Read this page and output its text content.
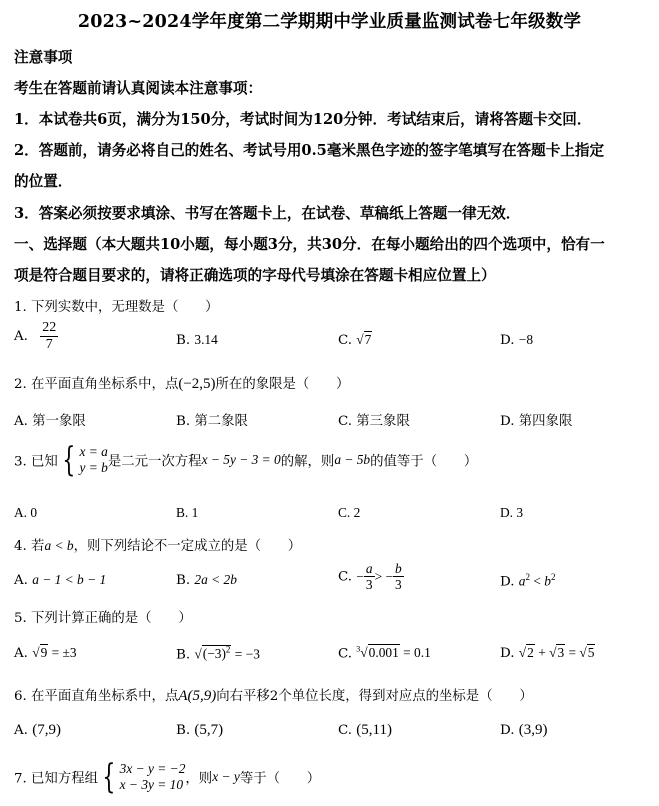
2023~2024学年度第二学期期中学业质量监测试卷七年级数学
注意事项
考生在答题前请认真阅读本注意事项：
1．本试卷共6页，满分为150分，考试时间为120分钟．考试结束后，请将答题卡交回．
2．答题前，请务必将自己的姓名、考试号用0.5毫米黑色字迹的签字笔填写在答题卡上指定
的位置．
3．答案必须按要求填涂、书写在答题卡上，在试卷、草稿纸上答题一律无效．
一、选择题（本大题共10小题，每小题3分，共30分．在每小题给出的四个选项中，恰有一
项是符合题目要求的，请将正确选项的字母代号填涂在答题卡相应位置上）
1. 下列实数中，无理数是（　　）
A. $\frac{22}{7}$	B. 3.14	C. √7	D. −8
2. 在平面直角坐标系中，点(−2,5)所在的象限是（　　）
A. 第一象限	B. 第二象限	C. 第三象限	D. 第四象限
3. 已知 { x = a
y = b 是二元一次方程x − 5y − 3 = 0的解，则a − 5b的值等于（　　）
A. 0	B. 1	C. 2	D. 3
4. 若a < b，则下列结论不一定成立的是（　　）
A. a − 1 < b − 1	B. 2a < 2b	C. − $\frac{a}{3}$ > − $\frac{b}{3}$	D. $a^2 < b^2$
5. 下列计算正确的是（　　）
A. √9 = ±3	B. $√(-3)^2 = -3$	C. $^3$√0.001 = 0.1	D. √2 + √3 = √5
6. 在平面直角坐标系中，点A(5,9)向右平移2个单位长度，得到对应点的坐标是（　　）
A. (7,9)	B. (5,7)	C. (5,11)	D. (3,9)
7. 已知方程组 { 3x − y = −2
x − 3y = 10 ，则x − y等于（　　）
